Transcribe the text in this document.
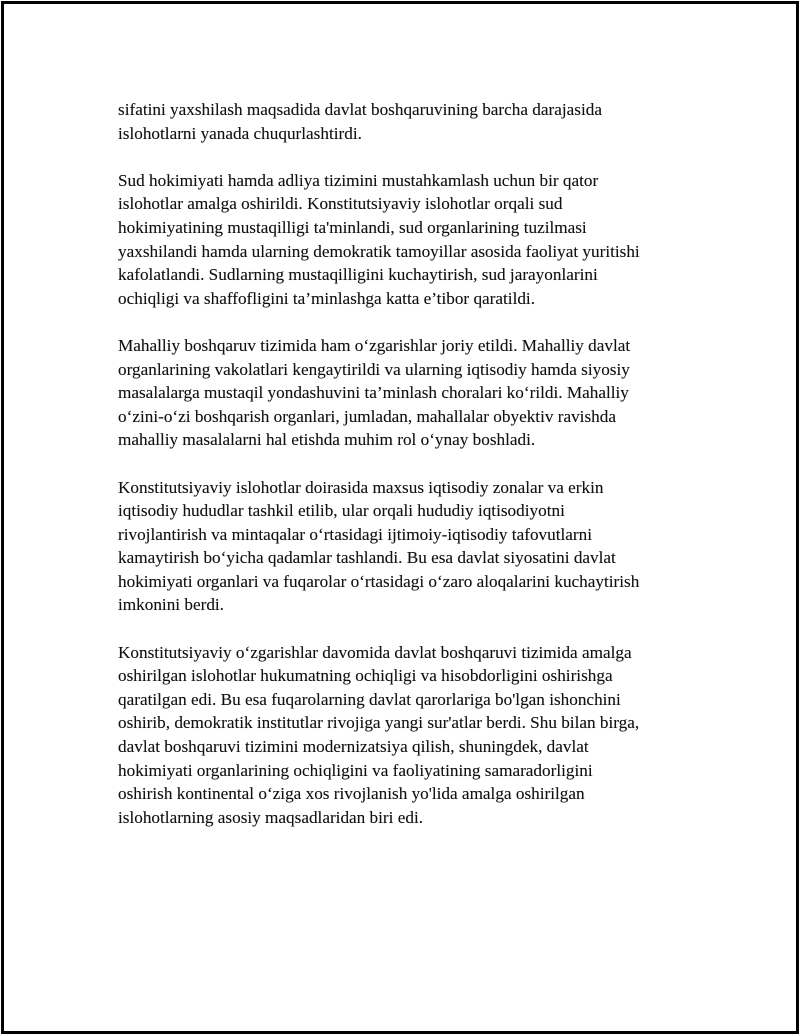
sifatini yaxshilash maqsadida davlat boshqaruvining barcha darajasida
islohotlarni yanada chuqurlashtirdi.

Sud hokimiyati hamda adliya tizimini mustahkamlash uchun bir qator
islohotlar amalga oshirildi. Konstitutsiyaviy islohotlar orqali sud
hokimiyatining mustaqilligi ta'minlandi, sud organlarining tuzilmasi
yaxshilandi hamda ularning demokratik tamoyillar asosida faoliyat yuritishi
kafolatlandi. Sudlarning mustaqilligini kuchaytirish, sud jarayonlarini
ochiqligi va shaffofligini ta’minlashga katta e’tibor qaratildi.

Mahalliy boshqaruv tizimida ham o‘zgarishlar joriy etildi. Mahalliy davlat
organlarining vakolatlari kengaytirildi va ularning iqtisodiy hamda siyosiy
masalalarga mustaqil yondashuvini ta’minlash choralari ko‘rildi. Mahalliy
o‘zini-o‘zi boshqarish organlari, jumladan, mahallalar obyektiv ravishda
mahalliy masalalarni hal etishda muhim rol o‘ynay boshladi.

Konstitutsiyaviy islohotlar doirasida maxsus iqtisodiy zonalar va erkin
iqtisodiy hududlar tashkil etilib, ular orqali hududiy iqtisodiyotni
rivojlantirish va mintaqalar o‘rtasidagi ijtimoiy-iqtisodiy tafovutlarni
kamaytirish bo‘yicha qadamlar tashlandi. Bu esa davlat siyosatini davlat
hokimiyati organlari va fuqarolar o‘rtasidagi o‘zaro aloqalarini kuchaytirish
imkonini berdi.

Konstitutsiyaviy o‘zgarishlar davomida davlat boshqaruvi tizimida amalga
oshirilgan islohotlar hukumatning ochiqligi va hisobdorligini oshirishga
qaratilgan edi. Bu esa fuqarolarning davlat qarorlariga bo'lgan ishonchini
oshirib, demokratik institutlar rivojiga yangi sur'atlar berdi. Shu bilan birga,
davlat boshqaruvi tizimini modernizatsiya qilish, shuningdek, davlat
hokimiyati organlarining ochiqligini va faoliyatining samaradorligini
oshirish kontinental o‘ziga xos rivojlanish yo'lida amalga oshirilgan
islohotlarning asosiy maqsadlaridan biri edi.
